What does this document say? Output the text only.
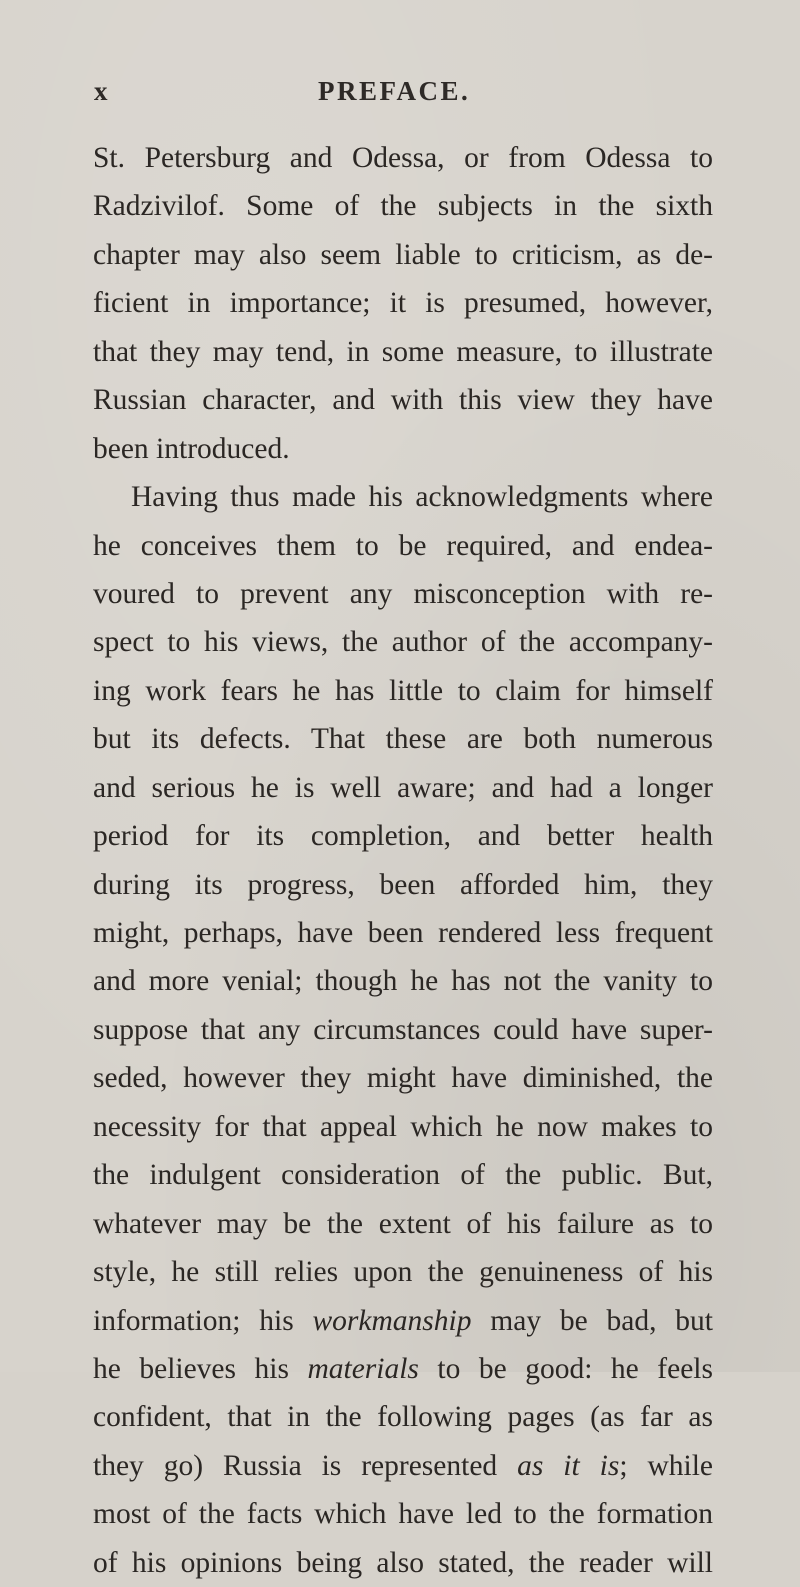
x	PREFACE.
St. Petersburg and Odessa, or from Odessa to
Radzivilof. Some of the subjects in the sixth
chapter may also seem liable to criticism, as de-
ficient in importance; it is presumed, however,
that they may tend, in some measure, to illustrate
Russian character, and with this view they have
been introduced.
Having thus made his acknowledgments where
he conceives them to be required, and endea-
voured to prevent any misconception with re-
spect to his views, the author of the accompany-
ing work fears he has little to claim for himself
but its defects. That these are both numerous
and serious he is well aware; and had a longer
period for its completion, and better health
during its progress, been afforded him, they
might, perhaps, have been rendered less frequent
and more venial; though he has not the vanity to
suppose that any circumstances could have super-
seded, however they might have diminished, the
necessity for that appeal which he now makes to
the indulgent consideration of the public. But,
whatever may be the extent of his failure as to
style, he still relies upon the genuineness of his
information; his workmanship may be bad, but
he believes his materials to be good: he feels
confident, that in the following pages (as far as
they go) Russia is represented as it is; while
most of the facts which have led to the formation
of his opinions being also stated, the reader will
